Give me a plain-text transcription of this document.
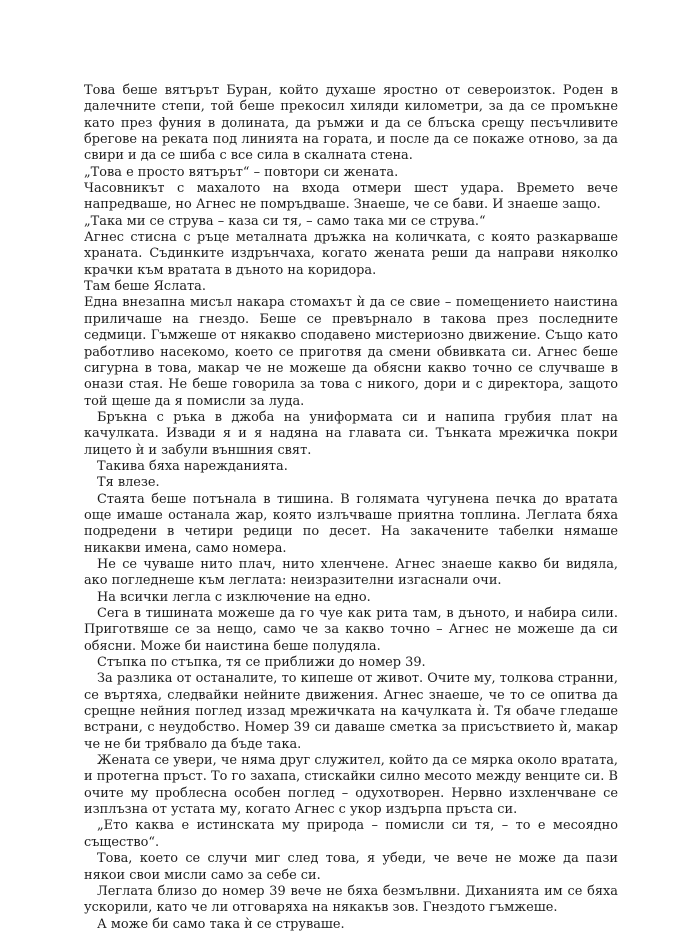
Това беше вятърът Буран, който духаше яростно от североизток. Роден в далечните степи, той беше прекосил хиляди километри, за да се промъкне като през фуния в долината, да ръмжи и да се блъска срещу песъчливите брегове на реката под линията на гората, и после да се покаже отново, за да свири и да се шиба с все сила в скалната стена.

„Това е просто вятърът“ – повтори си жената.

Часовникът с махалото на входа отмери шест удара. Времето вече напредваше, но Агнес не помръдваше. Знаеше, че се бави. И знаеше защо.

„Така ми се струва – каза си тя, – само така ми се струва.“

Агнес стисна с ръце металната дръжка на количката, с която разкарваше храната. Съдинките издрънчаха, когато жената реши да направи няколко крачки към вратата в дъното на коридора.

Там беше Яслата.

Една внезапна мисъл накара стомахът ѝ да се свие – помещението наистина приличаше на гнездо. Беше се превърнало в такова през последните седмици. Гъмжеше от някакво сподавено мистериозно движение. Също като работливо насекомо, което се приготвя да смени обвивката си. Агнес беше сигурна в това, макар че не можеше да обясни какво точно се случваше в онази стая. Не беше говорила за това с никого, дори и с директора, защото той щеше да я помисли за луда.

Бръкна с ръка в джоба на униформата си и напипа грубия плат на качулката. Извади я и я надяна на главата си. Тънката мрежичка покри лицето ѝ и забули външния свят.

Такива бяха нарежданията.

Тя влезе.

Стаята беше потънала в тишина. В голямата чугунена печка до вратата още имаше останала жар, която излъчваше приятна топлина. Леглата бяха подредени в четири редици по десет. На закачените табелки нямаше никакви имена, само номера.

Не се чуваше нито плач, нито хленчене. Агнес знаеше какво би видяла, ако погледнеше към леглата: неизразителни изгаснали очи.

На всички легла с изключение на едно.

Сега в тишината можеше да го чуе как рита там, в дъното, и набира сили. Приготвяше се за нещо, само че за какво точно – Агнес не можеше да си обясни. Може би наистина беше полудяла.

Стъпка по стъпка, тя се приближи до номер 39.

За разлика от останалите, то кипеше от живот. Очите му, толкова странни, се въртяха, следвайки нейните движения. Агнес знаеше, че то се опитва да срещне нейния поглед иззад мрежичката на качулката ѝ. Тя обаче гледаше встрани, с неудобство. Номер 39 си даваше сметка за присъствието ѝ, макар че не би трябвало да бъде така.

Жената се увери, че няма друг служител, който да се мярка около вратата, и протегна пръст. То го захапа, стискайки силно месото между венците си. В очите му проблесна особен поглед – одухотворен. Нервно изхленчване се изплъзна от устата му, когато Агнес с укор издърпа пръста си.

„Ето каква е истинската му природа – помисли си тя, – то е месоядно същество“.

Това, което се случи миг след това, я убеди, че вече не може да пази някои свои мисли само за себе си.

Леглата близо до номер 39 вече не бяха безмълвни. Диханията им се бяха ускорили, като че ли отговаряха на някакъв зов. Гнездото гъмжеше.

А може би само така ѝ се струваше.
